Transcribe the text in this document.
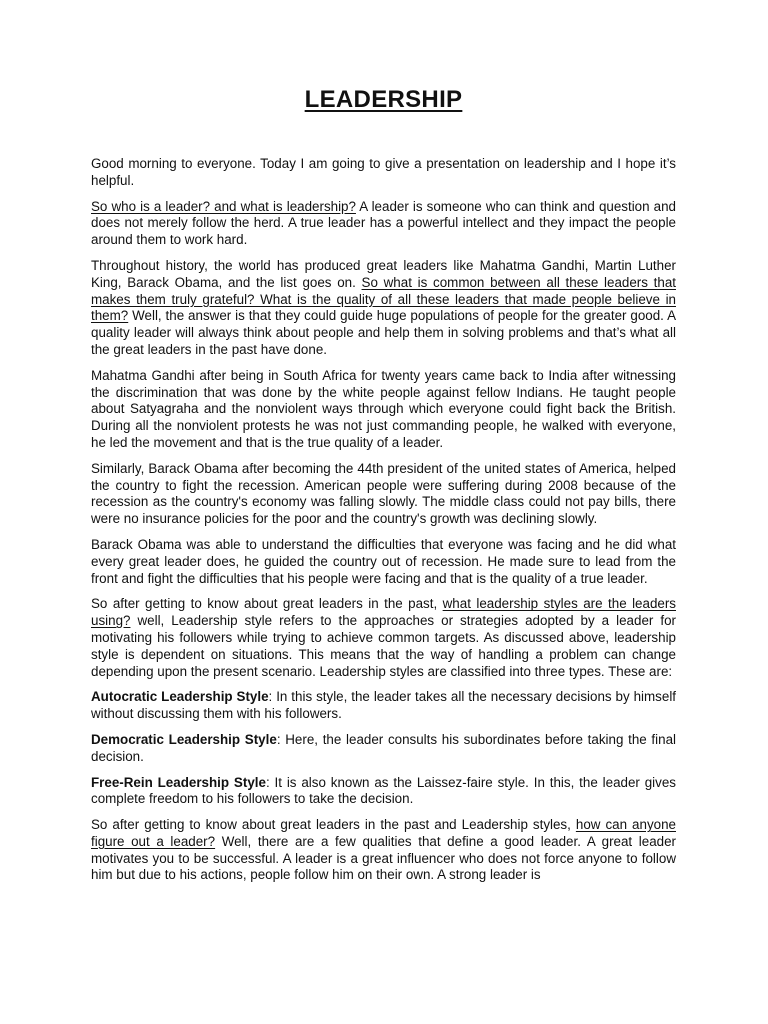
LEADERSHIP

Good morning to everyone. Today I am going to give a presentation on leadership and I hope it’s helpful.

So who is a leader? and what is leadership? A leader is someone who can think and question and does not merely follow the herd. A true leader has a powerful intellect and they impact the people around them to work hard.

Throughout history, the world has produced great leaders like Mahatma Gandhi, Martin Luther King, Barack Obama, and the list goes on. So what is common between all these leaders that makes them truly grateful? What is the quality of all these leaders that made people believe in them? Well, the answer is that they could guide huge populations of people for the greater good. A quality leader will always think about people and help them in solving problems and that’s what all the great leaders in the past have done.

Mahatma Gandhi after being in South Africa for twenty years came back to India after witnessing the discrimination that was done by the white people against fellow Indians. He taught people about Satyagraha and the nonviolent ways through which everyone could fight back the British. During all the nonviolent protests he was not just commanding people, he walked with everyone, he led the movement and that is the true quality of a leader.

Similarly, Barack Obama after becoming the 44th president of the united states of America, helped the country to fight the recession. American people were suffering during 2008 because of the recession as the country's economy was falling slowly. The middle class could not pay bills, there were no insurance policies for the poor and the country's growth was declining slowly.

Barack Obama was able to understand the difficulties that everyone was facing and he did what every great leader does, he guided the country out of recession. He made sure to lead from the front and fight the difficulties that his people were facing and that is the quality of a true leader.

So after getting to know about great leaders in the past, what leadership styles are the leaders using? well, Leadership style refers to the approaches or strategies adopted by a leader for motivating his followers while trying to achieve common targets. As discussed above, leadership style is dependent on situations. This means that the way of handling a problem can change depending upon the present scenario. Leadership styles are classified into three types. These are:

Autocratic Leadership Style: In this style, the leader takes all the necessary decisions by himself without discussing them with his followers.

Democratic Leadership Style: Here, the leader consults his subordinates before taking the final decision.

Free-Rein Leadership Style: It is also known as the Laissez-faire style. In this, the leader gives complete freedom to his followers to take the decision.

So after getting to know about great leaders in the past and Leadership styles, how can anyone figure out a leader? Well, there are a few qualities that define a good leader. A great leader motivates you to be successful. A leader is a great influencer who does not force anyone to follow him but due to his actions, people follow him on their own. A strong leader is
